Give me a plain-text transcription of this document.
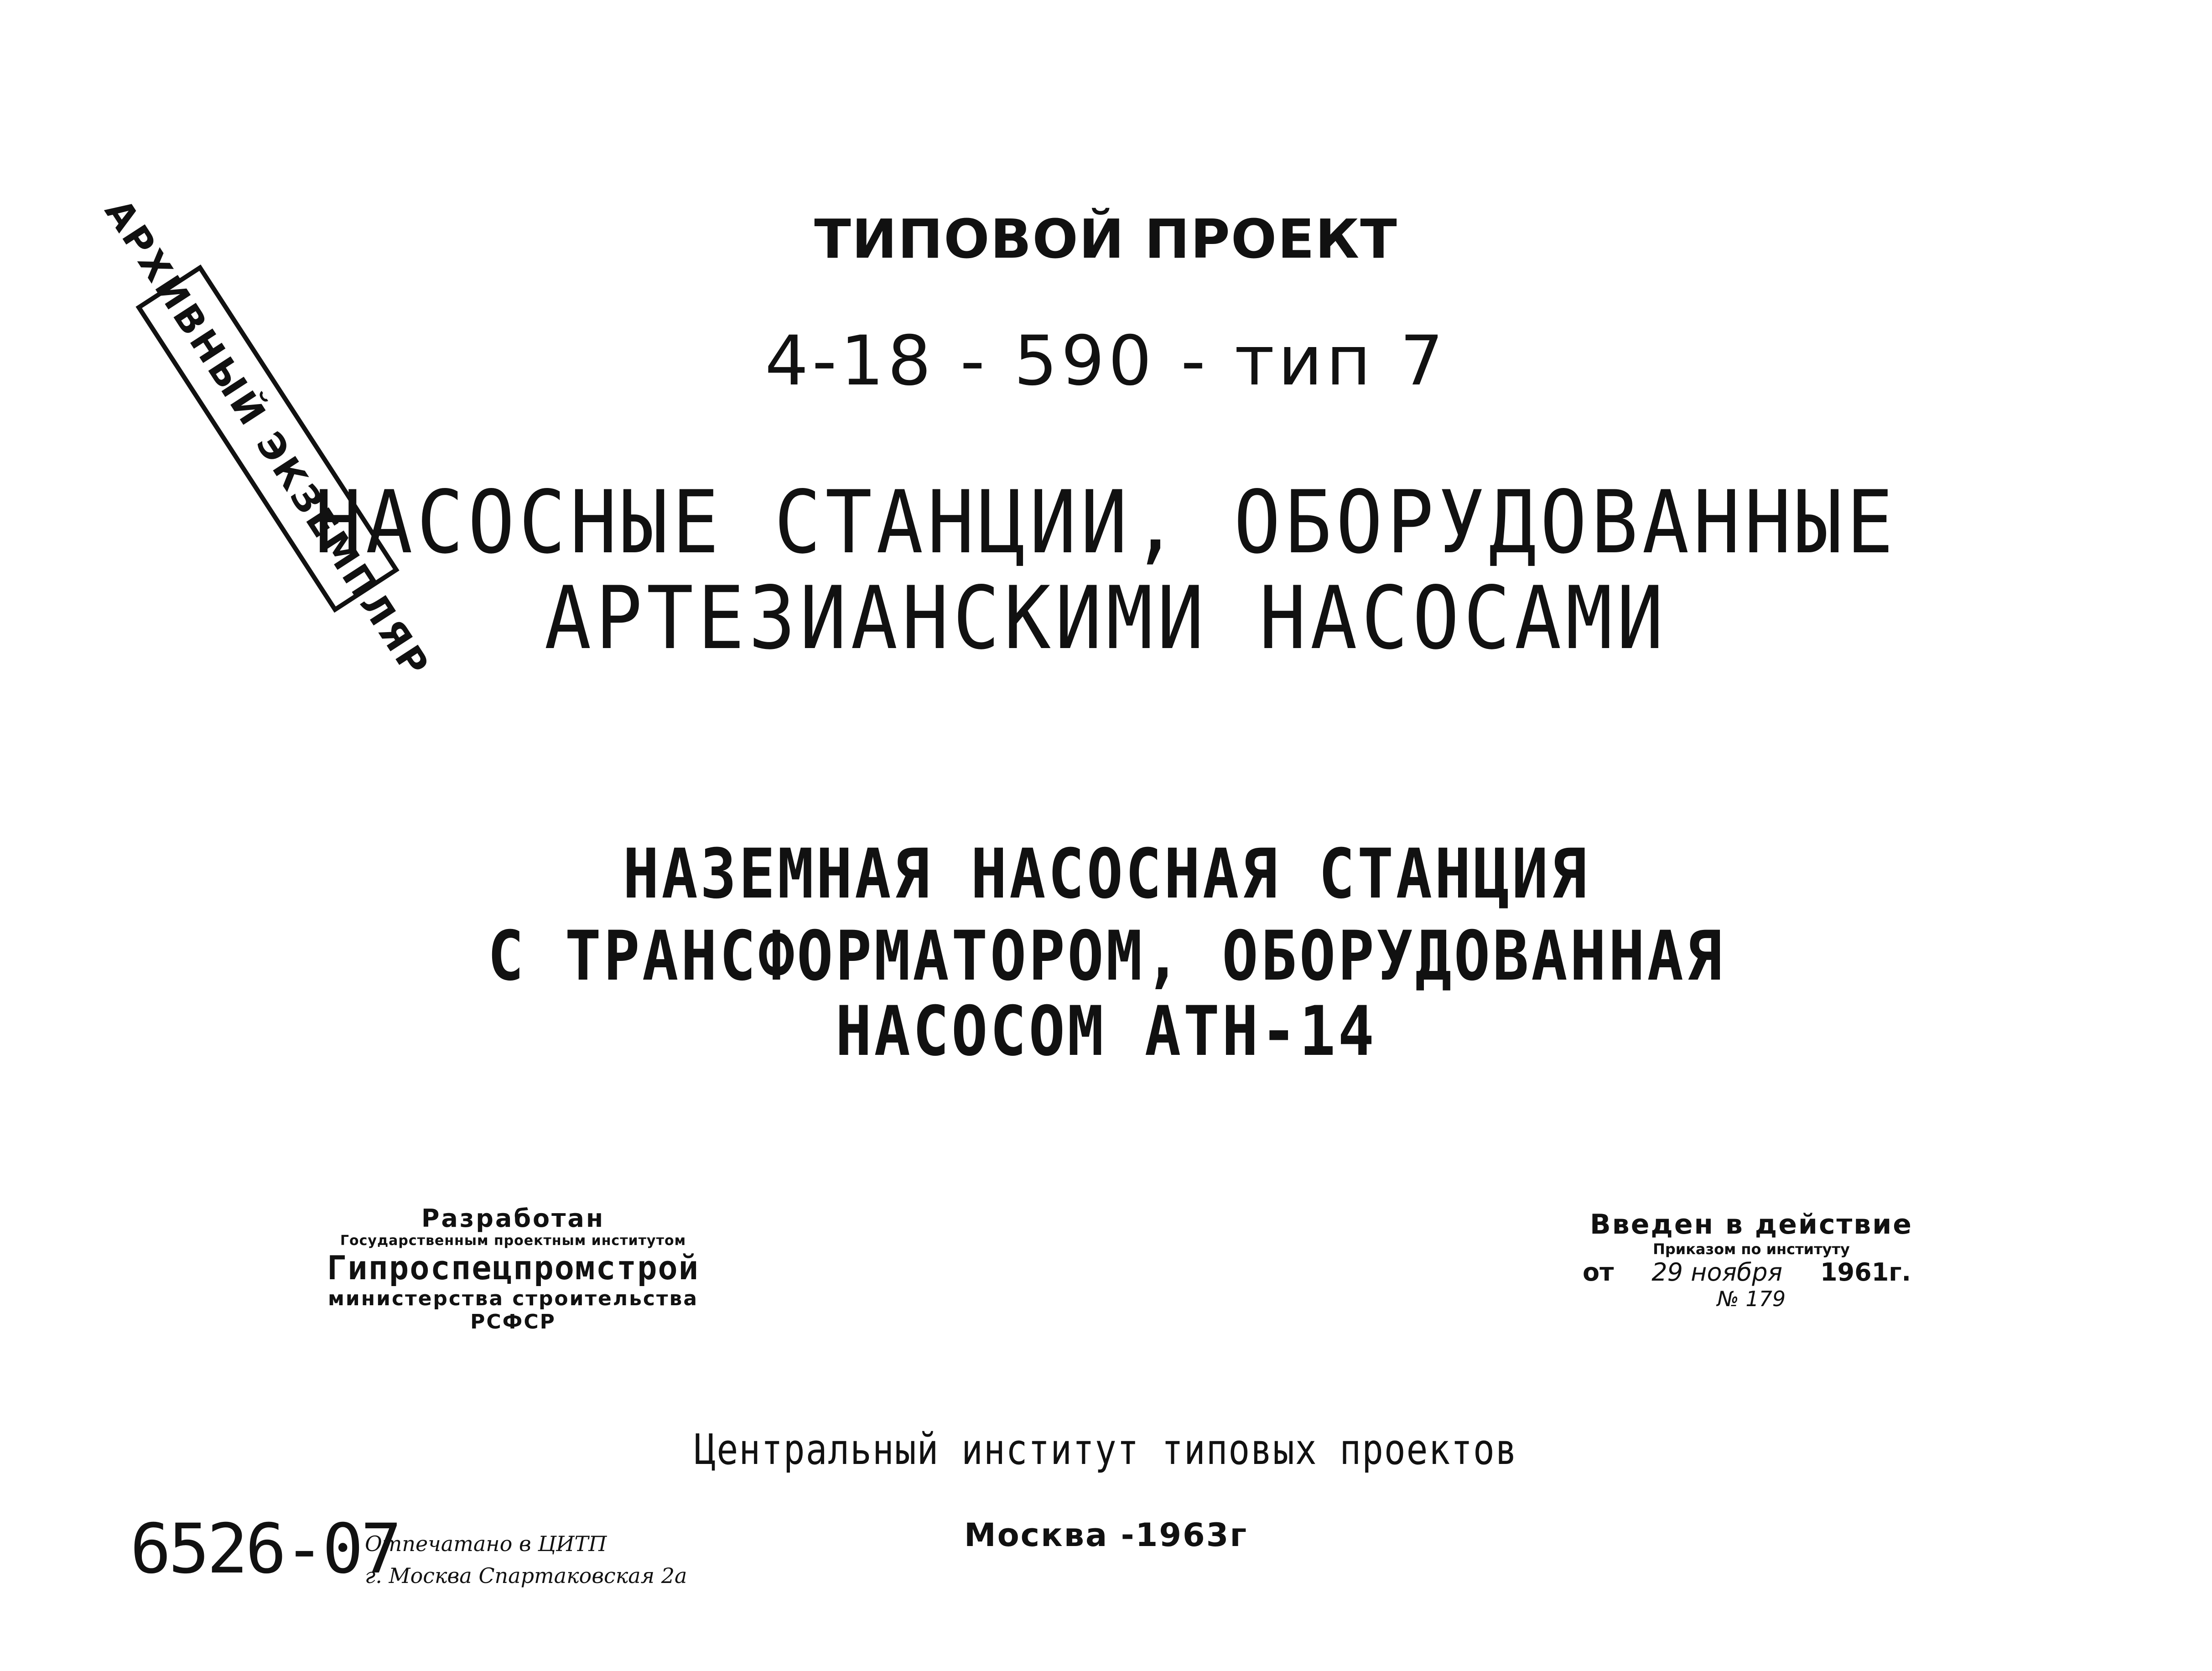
АРХИВНЫЙ ЭКЗЕМПЛЯР	ТИПОВОЙ ПРОЕКТ
4-18 - 590 - тип 7
НАСОСНЫЕ СТАНЦИИ, ОБОРУДОВАННЫЕ
АРТЕЗИАНСКИМИ НАСОСАМИ
НАЗЕМНАЯ НАСОСНАЯ СТАНЦИЯ
С ТРАНСФОРМАТОРОМ, ОБОРУДОВАННАЯ
НАСОСОМ АТН-14
Разработан
Государственным проектным институтом
Гипроспецпромстрой
министерства строительства
РСФСР
Введен в действие
Приказом по институту
от 29 ноября 1961г.
№ 179
Центральный институт типовых проектов
Москва -1963г
6526-07
Отпечатано в ЦИТП
г. Москва Спартаковская 2а
